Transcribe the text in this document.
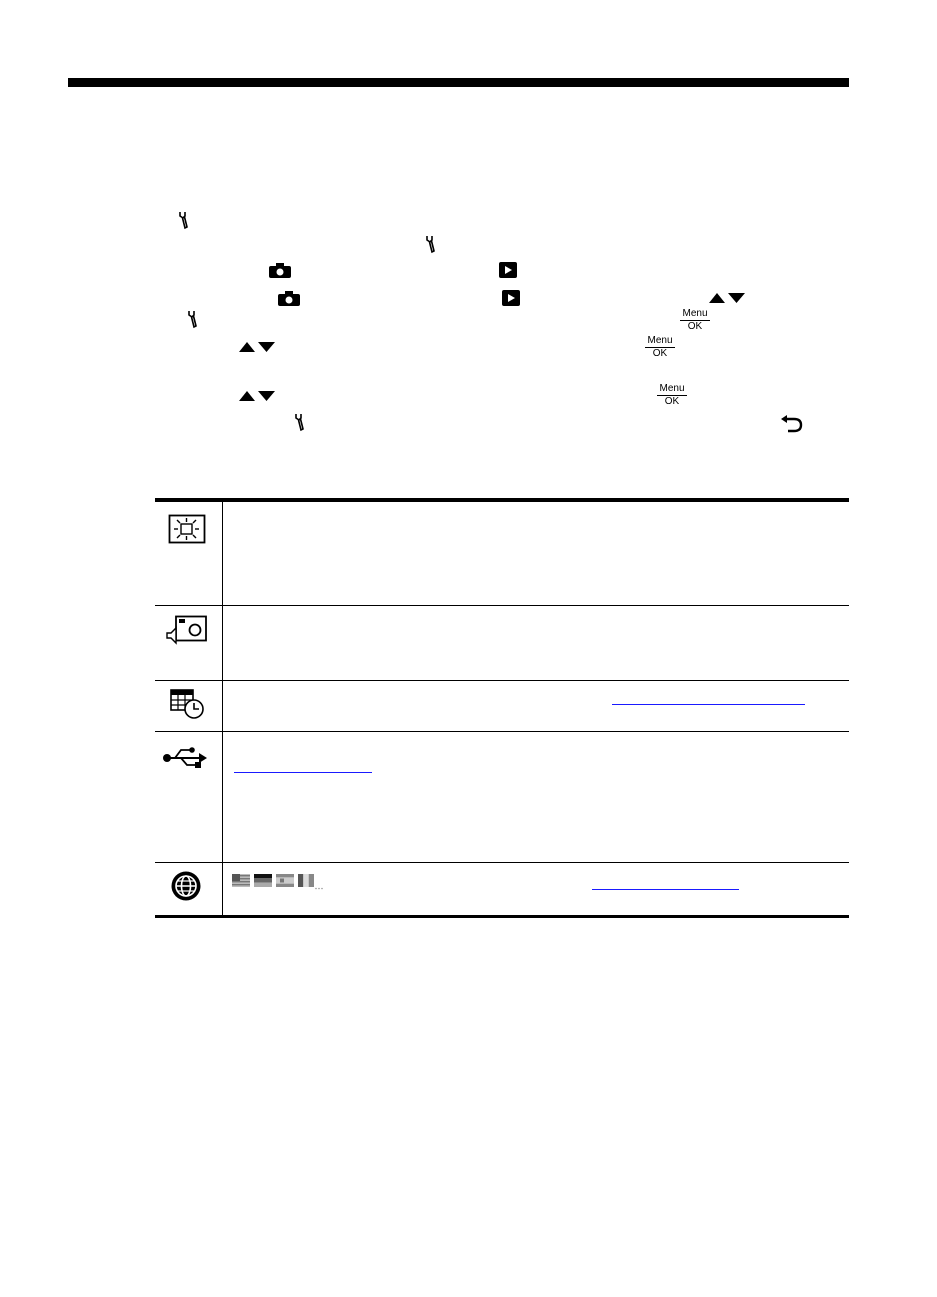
Menu
OK
Menu
OK
Menu
OK
